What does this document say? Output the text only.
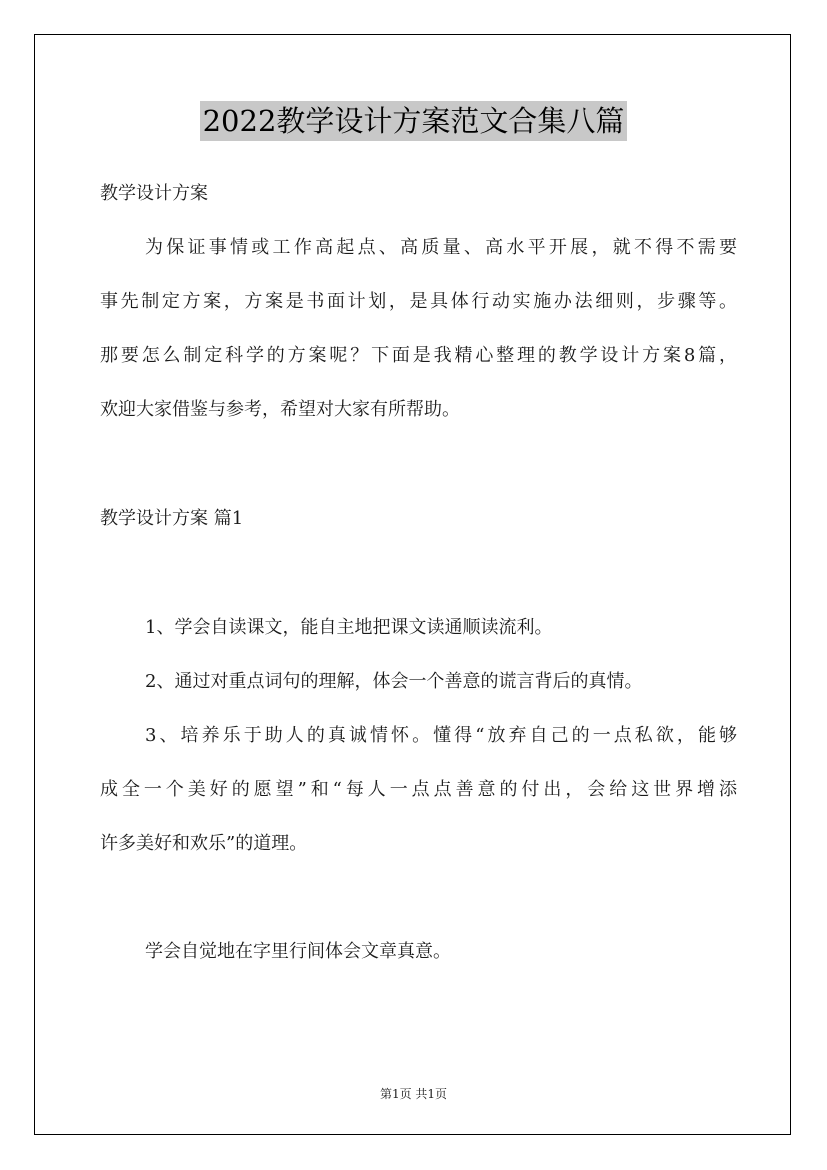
2022教学设计方案范文合集八篇
教学设计方案
为保证事情或工作高起点、高质量、高水平开展，就不得不需要
事先制定方案，方案是书面计划，是具体行动实施办法细则，步骤等。
那要怎么制定科学的方案呢？下面是我精心整理的教学设计方案8篇，
欢迎大家借鉴与参考，希望对大家有所帮助。
教学设计方案 篇1
1、学会自读课文，能自主地把课文读通顺读流利。
2、通过对重点词句的理解，体会一个善意的谎言背后的真情。
3、培养乐于助人的真诚情怀。懂得“放弃自己的一点私欲，能够
成全一个美好的愿望”和“每人一点点善意的付出，会给这世界增添
许多美好和欢乐”的道理。
学会自觉地在字里行间体会文章真意。
第1页 共1页
